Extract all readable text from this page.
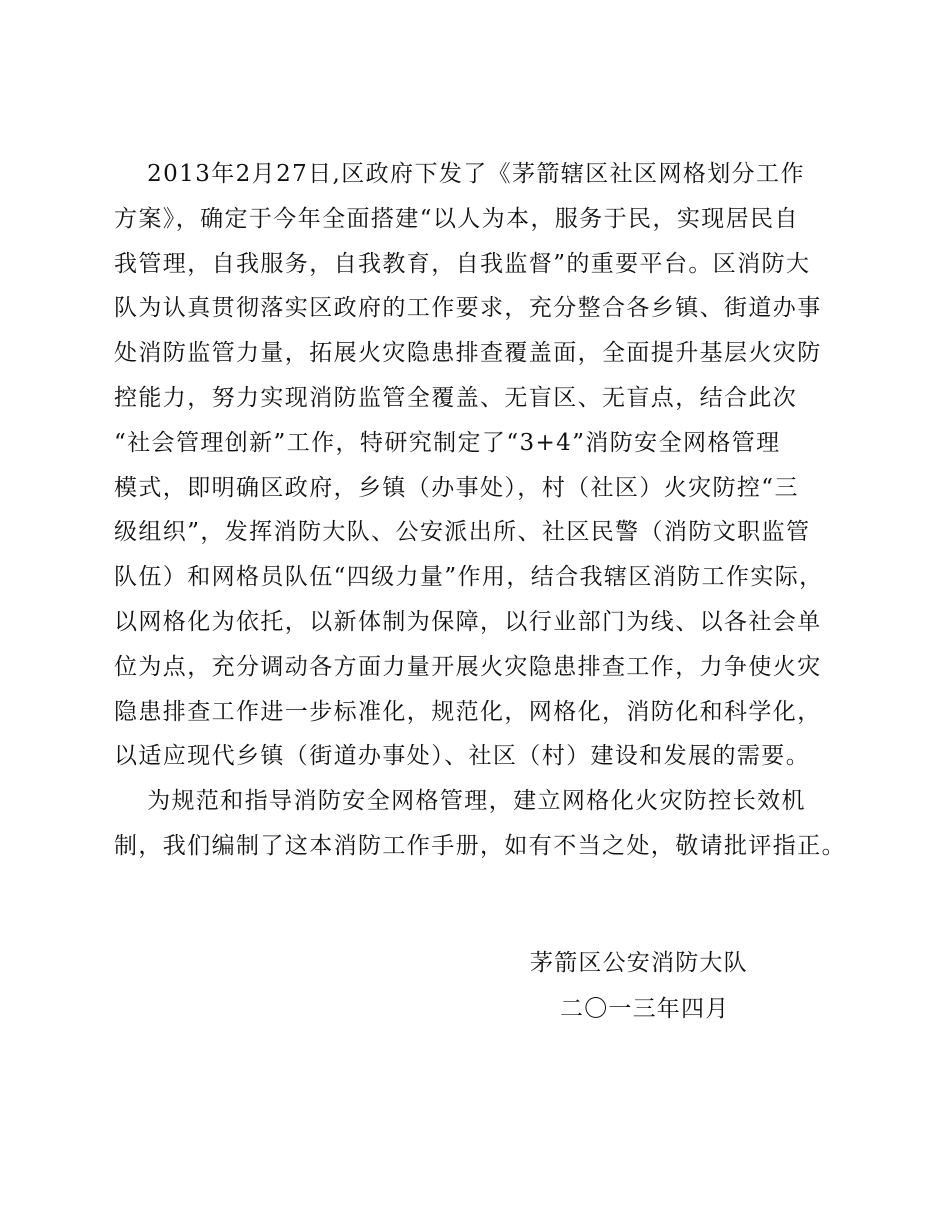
　 2013年2月27日,区政府下发了《茅箭辖区社区网格划分工作
方案》，确定于今年全面搭建“以人为本，服务于民，实现居民自
我管理，自我服务，自我教育，自我监督”的重要平台。区消防大
队为认真贯彻落实区政府的工作要求，充分整合各乡镇、街道办事
处消防监管力量，拓展火灾隐患排查覆盖面，全面提升基层火灾防
控能力，努力实现消防监管全覆盖、无盲区、无盲点，结合此次
“社会管理创新”工作，特研究制定了“3+4”消防安全网格管理
模式，即明确区政府，乡镇（办事处），村（社区）火灾防控“三
级组织”，发挥消防大队、公安派出所、社区民警（消防文职监管
队伍）和网格员队伍“四级力量”作用，结合我辖区消防工作实际，
以网格化为依托，以新体制为保障，以行业部门为线、以各社会单
位为点，充分调动各方面力量开展火灾隐患排查工作，力争使火灾
隐患排查工作进一步标准化，规范化，网格化，消防化和科学化，
以适应现代乡镇（街道办事处）、社区（村）建设和发展的需要。
　 为规范和指导消防安全网格管理，建立网格化火灾防控长效机
制，我们编制了这本消防工作手册，如有不当之处，敬请批评指正。
茅箭区公安消防大队
二〇一三年四月
